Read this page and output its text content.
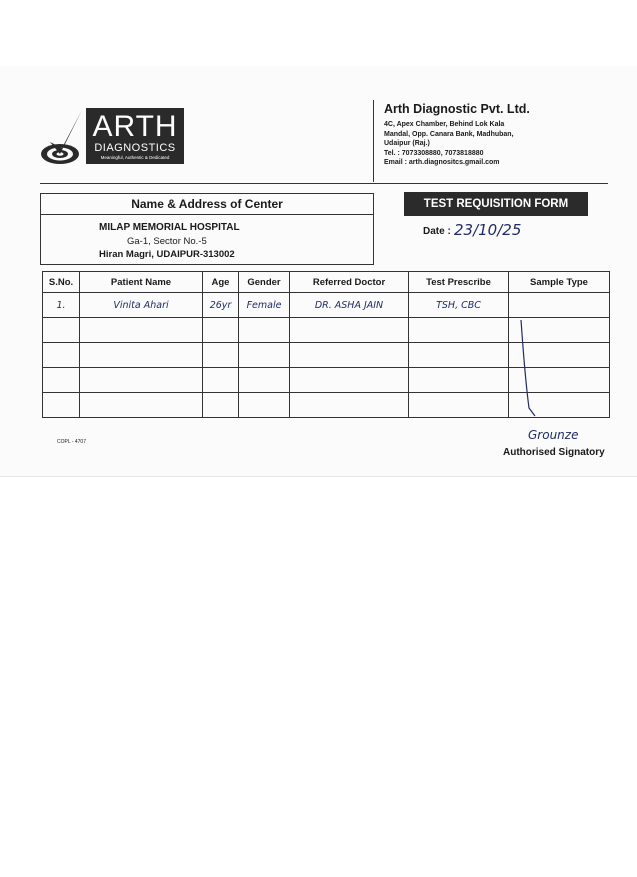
ARTH
DIAGNOSTICS
Meaningful, Authentic & Dedicated
Arth Diagnostic Pvt. Ltd.
4C, Apex Chamber, Behind Lok Kala
Mandal, Opp. Canara Bank, Madhuban,
Udaipur (Raj.)
Tel. : 7073308880, 7073818880
Email : arth.diagnositcs.gmail.com
Name & Address of Center
MILAP MEMORIAL HOSPITAL
Ga-1, Sector No.-5
Hiran Magri, UDAIPUR-313002
TEST REQUISITION FORM
Date : 23/10/25
S.No.	Patient Name	Age	Gender	Referred Doctor	Test Prescribe	Sample Type
1.	Vinita Ahari	26yr	Female	DR. ASHA JAIN	TSH, CBC	

COPL - 4707	Grounze
Authorised Signatory
